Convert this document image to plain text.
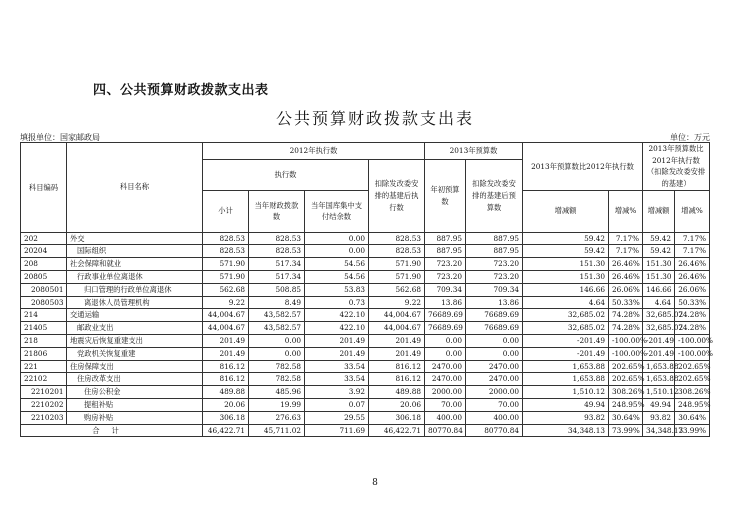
四、公共预算财政拨款支出表
公共预算财政拨款支出表
填报单位：国家邮政局	单位：万元
科目编码	科目名称	2012年执行数				2013年预算数		2013年预算数比2012年执行数		2013年预算数比2012年执行数（扣除发改委安排的基建）	
		执行数			扣除发改委安排的基建后执行数	年初预算数	扣除发改委安排的基建后预算数				
		小计	当年财政拨款数	当年国库集中支付结余数				增减额	增减%	增减额	增减%
202	外交	828.53	828.53	0.00	828.53	887.95	887.95	59.42	7.17%	59.42	7.17%
20204	国际组织	828.53	828.53	0.00	828.53	887.95	887.95	59.42	7.17%	59.42	7.17%
208	社会保障和就业	571.90	517.34	54.56	571.90	723.20	723.20	151.30	26.46%	151.30	26.46%
20805	行政事业单位离退休	571.90	517.34	54.56	571.90	723.20	723.20	151.30	26.46%	151.30	26.46%
2080501	归口管理的行政单位离退休	562.68	508.85	53.83	562.68	709.34	709.34	146.66	26.06%	146.66	26.06%
2080503	离退休人员管理机构	9.22	8.49	0.73	9.22	13.86	13.86	4.64	50.33%	4.64	50.33%
214	交通运输	44,004.67	43,582.57	422.10	44,004.67	76689.69	76689.69	32,685.02	74.28%	32,685.02	74.28%
21405	邮政业支出	44,004.67	43,582.57	422.10	44,004.67	76689.69	76689.69	32,685.02	74.28%	32,685.02	74.28%
218	地震灾后恢复重建支出	201.49	0.00	201.49	201.49	0.00	0.00	-201.49	-100.00%	-201.49	-100.00%
21806	党政机关恢复重建	201.49	0.00	201.49	201.49	0.00	0.00	-201.49	-100.00%	-201.49	-100.00%
221	住房保障支出	816.12	782.58	33.54	816.12	2470.00	2470.00	1,653.88	202.65%	1,653.88	202.65%
22102	住房改革支出	816.12	782.58	33.54	816.12	2470.00	2470.00	1,653.88	202.65%	1,653.88	202.65%
2210201	住房公积金	489.88	485.96	3.92	489.88	2000.00	2000.00	1,510.12	308.26%	1,510.12	308.26%
2210202	提租补贴	20.06	19.99	0.07	20.06	70.00	70.00	49.94	248.95%	49.94	248.95%
2210203	购房补贴	306.18	276.63	29.55	306.18	400.00	400.00	93.82	30.64%	93.82	30.64%
合计		46,422.71	45,711.02	711.69	46,422.71	80770.84	80770.84	34,348.13	73.99%	34,348.13	73.99%
8
